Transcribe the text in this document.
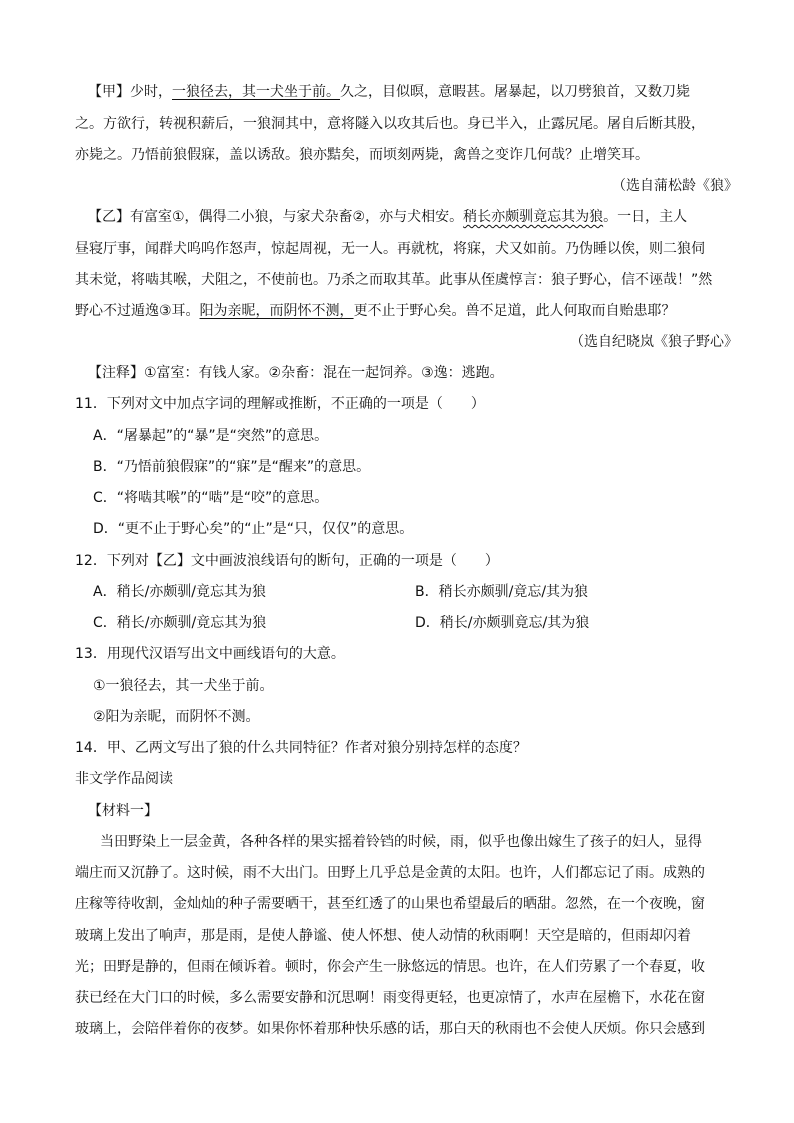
【甲】少时，一狼径去，其一犬坐于前。久之，目似暝，意暇甚。屠暴起，以刀劈狼首，又数刀毙
之。方欲行，转视积薪后，一狼洞其中，意将隧入以攻其后也。身已半入，止露尻尾。屠自后断其股，
亦毙之。乃悟前狼假寐，盖以诱敌。狼亦黠矣，而顷刻两毙，禽兽之变诈几何哉？止增笑耳。
（选自蒲松龄《狼》
【乙】有富室①，偶得二小狼，与家犬杂畜②，亦与犬相安。稍长亦颇驯竟忘其为狼。一日，主人
昼寝厅事，闻群犬呜呜作怒声，惊起周视，无一人。再就枕，将寐，犬又如前。乃伪睡以俟，则二狼伺
其未觉，将啮其喉，犬阻之，不使前也。乃杀之而取其革。此事从侄虞惇言：狼子野心，信不诬哉！”然
野心不过遁逸③耳。阳为亲昵，而阴怀不测，更不止于野心矣。兽不足道，此人何取而自贻患耶？
（选自纪晓岚《狼子野心》
【注释】①富室：有钱人家。②杂畜：混在一起饲养。③逸：逃跑。
11．下列对文中加点字词的理解或推断，不正确的一项是（　　）
A．“屠暴起”的“暴”是“突然”的意思。
B．“乃悟前狼假寐”的“寐”是“醒来”的意思。
C．“将啮其喉”的“啮”是“咬”的意思。
D．“更不止于野心矣”的“止”是“只，仅仅”的意思。
12．下列对【乙】文中画波浪线语句的断句，正确的一项是（　　）
A．稍长/亦颇驯/竟忘其为狼	B．稍长亦颇驯/竟忘/其为狼
C．稍长/亦颇驯/竟忘其为狼	D．稍长/亦颇驯竟忘/其为狼
13．用现代汉语写出文中画线语句的大意。
①一狼径去，其一犬坐于前。
②阳为亲昵，而阴怀不测。
14．甲、乙两文写出了狼的什么共同特征？作者对狼分别持怎样的态度？
非文学作品阅读
【材料一】
当田野染上一层金黄，各种各样的果实摇着铃铛的时候，雨，似乎也像出嫁生了孩子的妇人，显得
端庄而又沉静了。这时候，雨不大出门。田野上几乎总是金黄的太阳。也许，人们都忘记了雨。成熟的
庄稼等待收割，金灿灿的种子需要晒干，甚至红透了的山果也希望最后的晒甜。忽然，在一个夜晚，窗
玻璃上发出了响声，那是雨，是使人静谧、使人怀想、使人动情的秋雨啊！天空是暗的，但雨却闪着
光；田野是静的，但雨在倾诉着。顿时，你会产生一脉悠远的情思。也许，在人们劳累了一个春夏，收
获已经在大门口的时候，多么需要安静和沉思啊！雨变得更轻，也更凉情了，水声在屋檐下，水花在窗
玻璃上，会陪伴着你的夜梦。如果你怀着那种快乐感的话，那白天的秋雨也不会使人厌烦。你只会感到
